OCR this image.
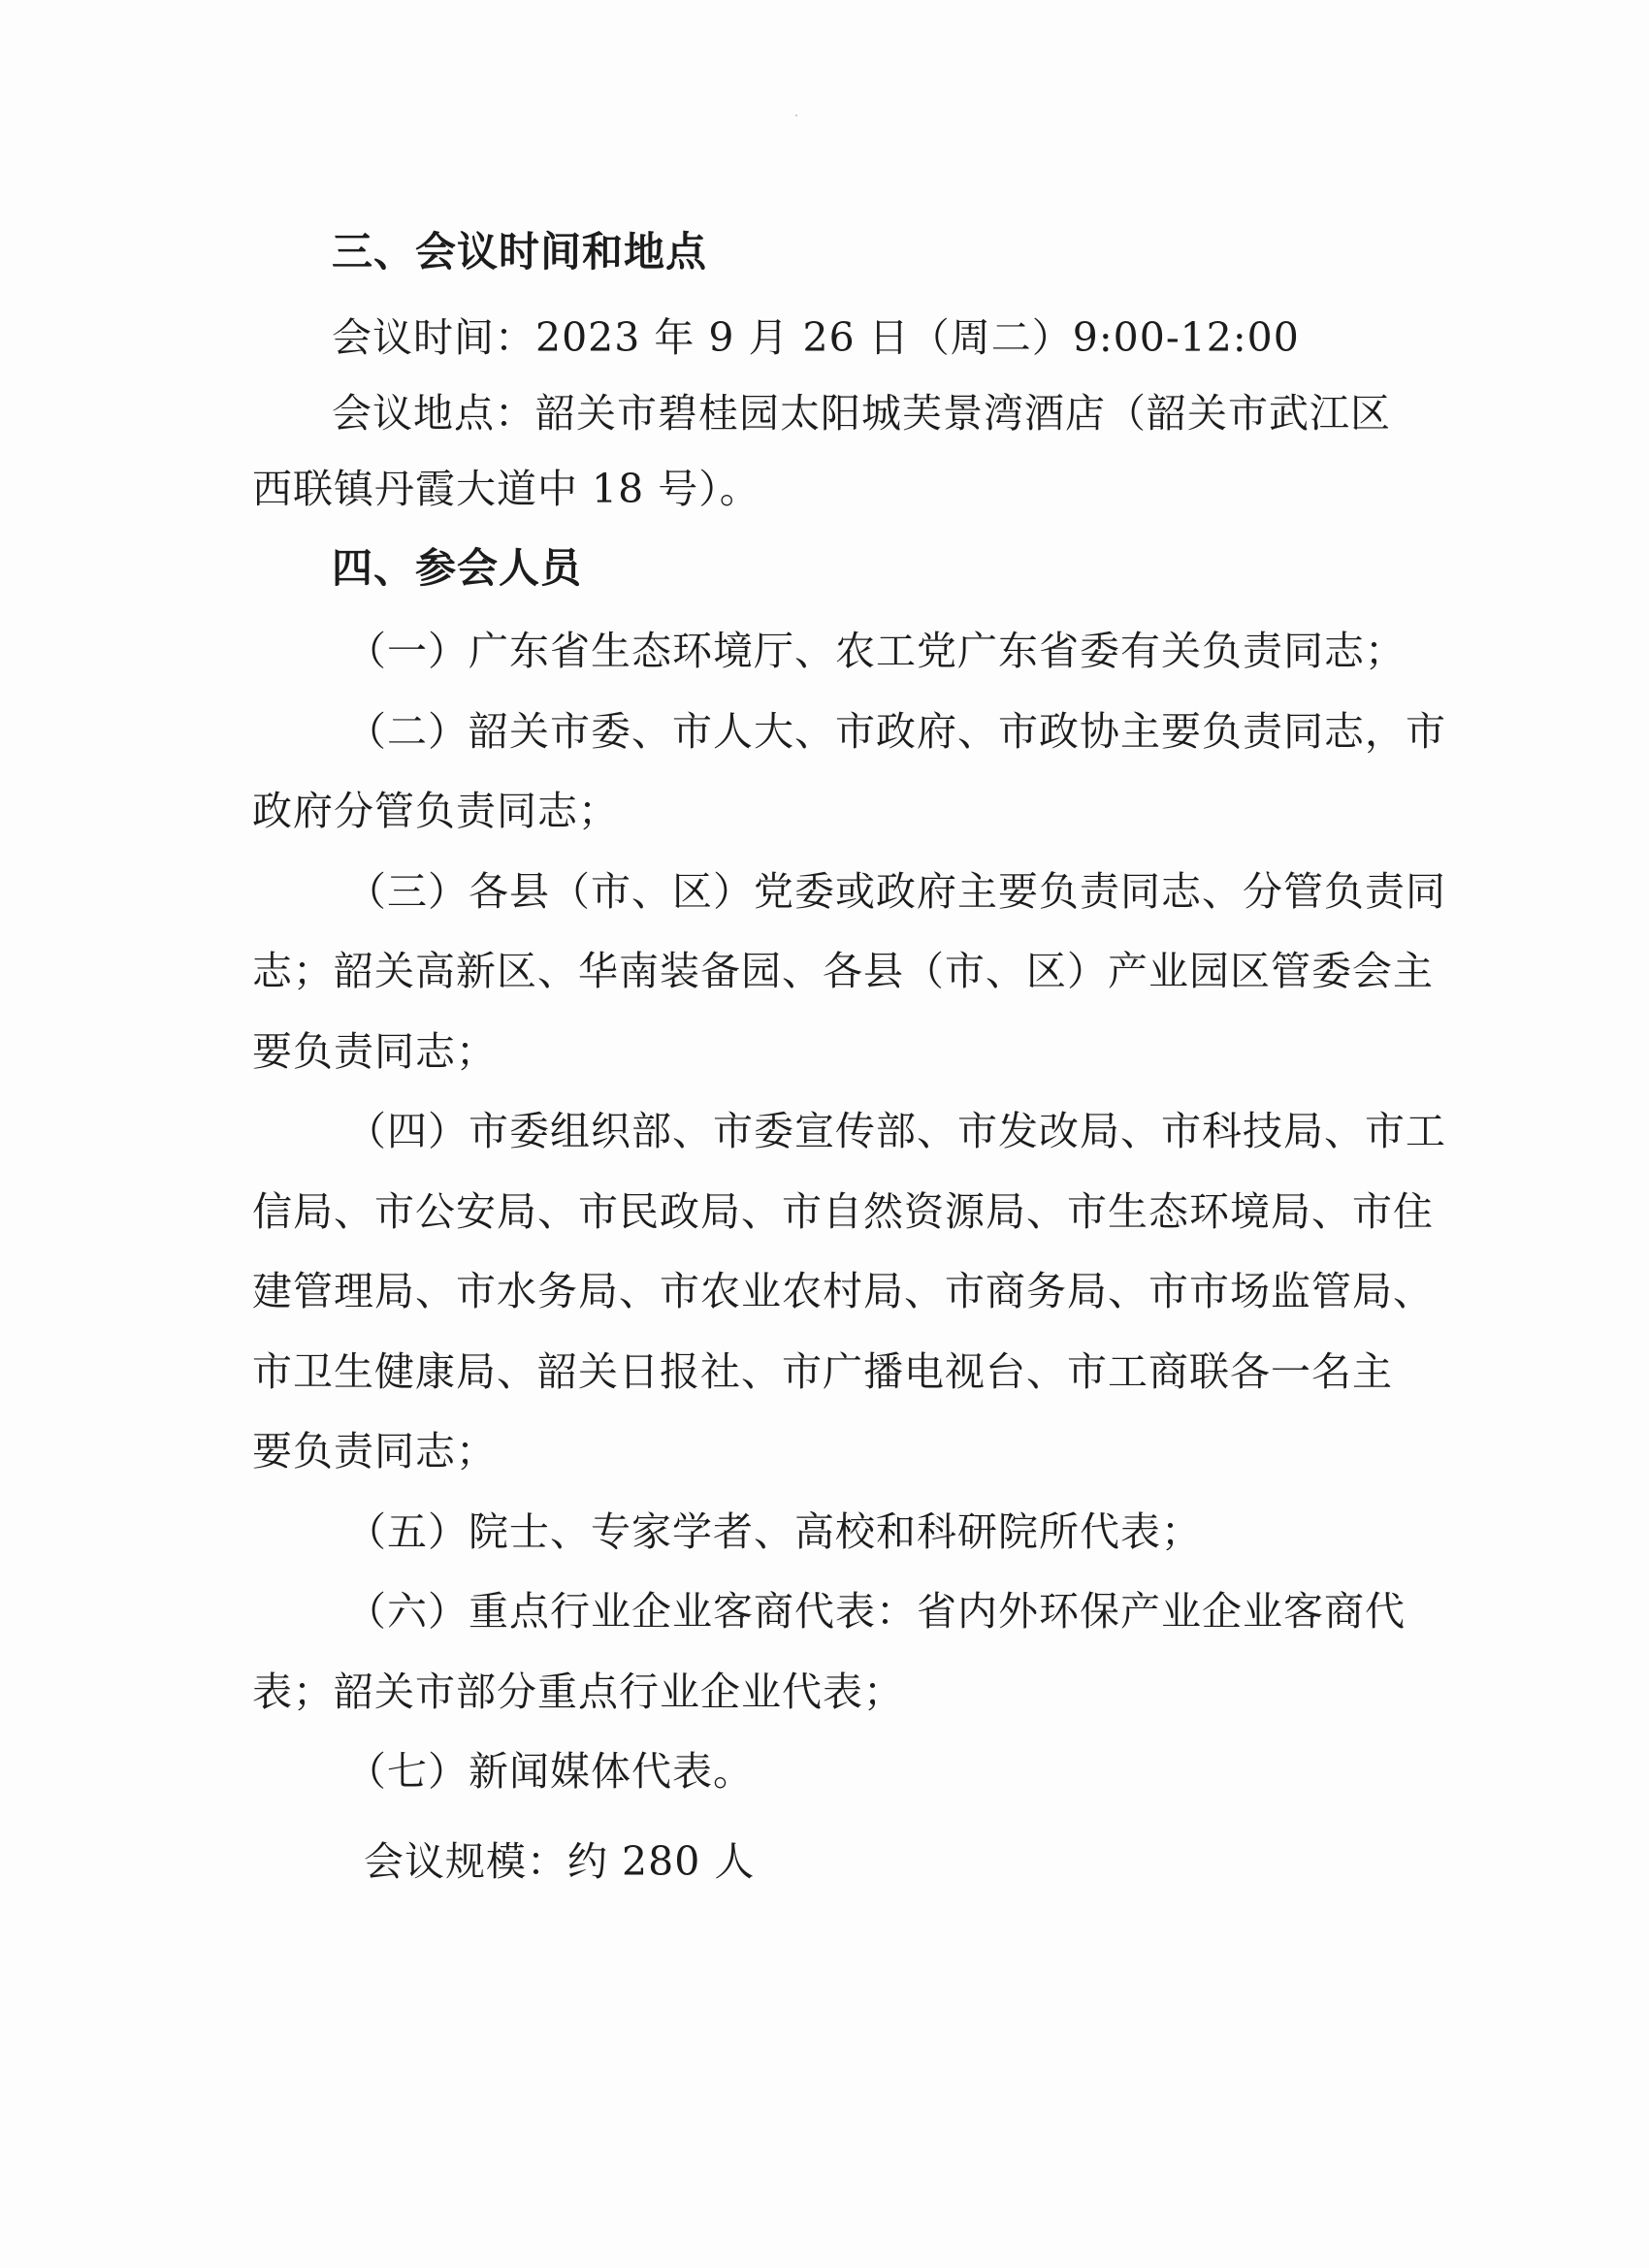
三、会议时间和地点
会议时间：2023 年 9 月 26 日（周二）9:00-12:00
会议地点：韶关市碧桂园太阳城芙景湾酒店（韶关市武江区
西联镇丹霞大道中 18 号）。
四、参会人员
（一）广东省生态环境厅、农工党广东省委有关负责同志；
（二）韶关市委、市人大、市政府、市政协主要负责同志，市
政府分管负责同志；
（三）各县（市、区）党委或政府主要负责同志、分管负责同
志；韶关高新区、华南装备园、各县（市、区）产业园区管委会主
要负责同志；
（四）市委组织部、市委宣传部、市发改局、市科技局、市工
信局、市公安局、市民政局、市自然资源局、市生态环境局、市住
建管理局、市水务局、市农业农村局、市商务局、市市场监管局、
市卫生健康局、韶关日报社、市广播电视台、市工商联各一名主
要负责同志；
（五）院士、专家学者、高校和科研院所代表；
（六）重点行业企业客商代表：省内外环保产业企业客商代
表；韶关市部分重点行业企业代表；
（七）新闻媒体代表。
会议规模：约 280 人
